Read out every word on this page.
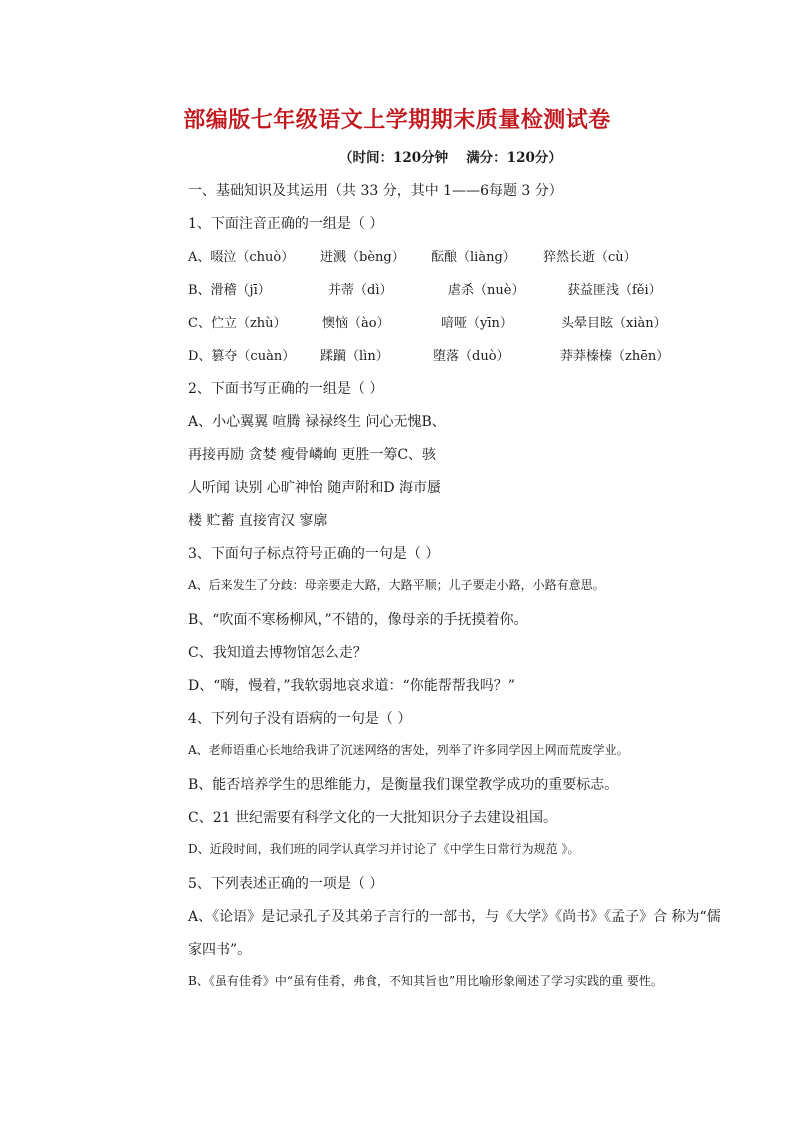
部编版七年级语文上学期期末质量检测试卷
（时间：120分钟 满分：120分）
一、基础知识及其运用（共 33 分，其中 1——6每题 3 分）
1、下面注音正确的一组是（ ）
A、啜泣（chuò） 迸溅（bèng） 酝酿（liàng） 猝然长逝（cù）
B、滑稽（jī）	并蒂（dì）	虐杀（nuè）	获益匪浅（fěi）
C、伫立（zhù）	懊恼（ào）	喑哑（yīn）	头晕目眩（xiàn）
D、篡夺（cuàn） 蹂躏（lìn）	堕落（duò）	莽莽榛榛（zhēn）
2、下面书写正确的一组是（ ）
A、小心翼翼 喧腾 禄禄终生 问心无愧B、
再接再励 贪婪 瘦骨嶙峋 更胜一筹C、骇
人听闻 诀别 心旷神怡 随声附和D 海市蜃
楼 贮蓄 直接宵汉 寥廓
3、下面句子标点符号正确的一句是（ ）
A、后来发生了分歧：母亲要走大路，大路平顺；儿子要走小路，小路有意思。
B、“吹面不寒杨柳风，”不错的，像母亲的手抚摸着你。
C、我知道去博物馆怎么走？
D、“嗨，慢着，”我软弱地哀求道：“你能帮帮我吗？”
4、下列句子没有语病的一句是（ ）
A、老师语重心长地给我讲了沉迷网络的害处，列举了许多同学因上网而荒废学业。
B、能否培养学生的思维能力，是衡量我们课堂教学成功的重要标志。
C、21 世纪需要有科学文化的一大批知识分子去建设祖国。
D、近段时间，我们班的同学认真学习并讨论了《中学生日常行为规范 》。
5、下列表述正确的一项是（ ）
A、《论语》是记录孔子及其弟子言行的一部书，与《大学》《尚书》《孟子》合 称为“儒
家四书”。
B、《虽有佳肴》中“虽有佳肴，弗食，不知其旨也”用比喻形象阐述了学习实践的重 要性。
